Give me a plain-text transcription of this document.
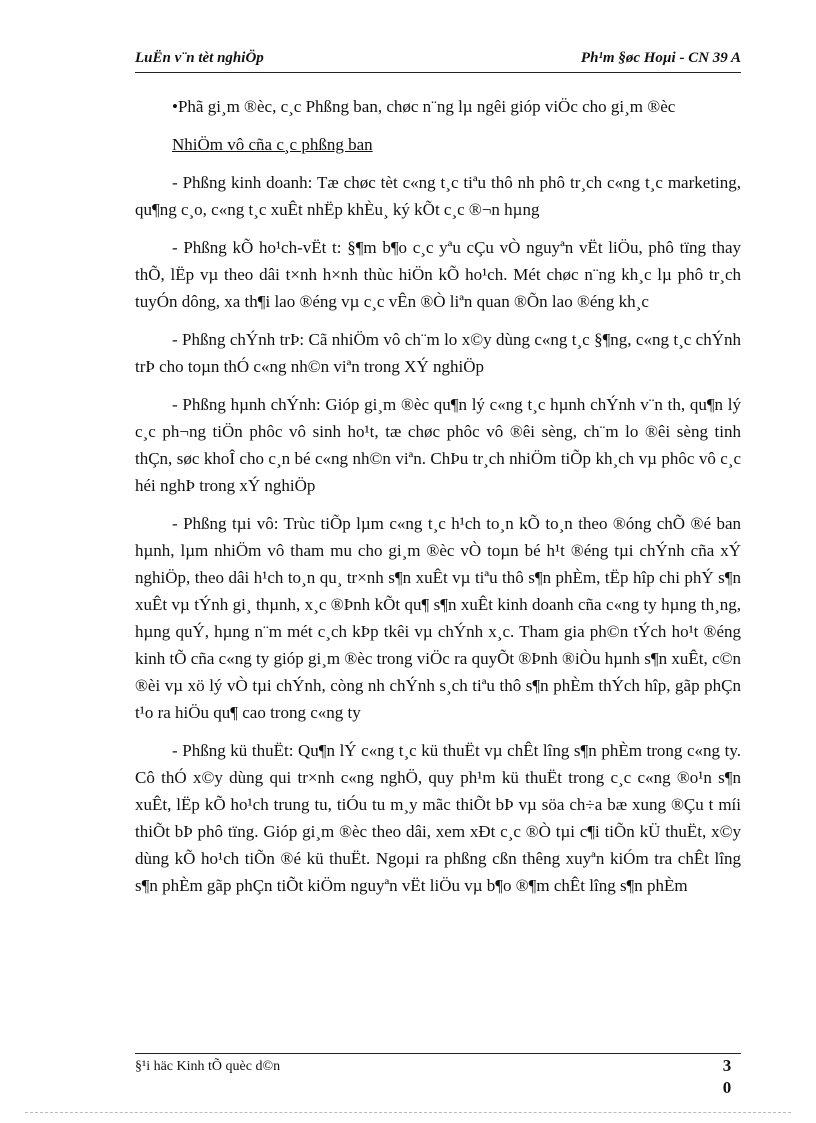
LuËn v¨n tèt nghiÖp	Ph¹m §øc Hoµi - CN 39 A

•Phã gi¸m ®èc, c¸c Phßng ban, chøc n¨ng lµ ngêi gióp viÖc cho gi¸m ®èc

NhiÖm vô cña c¸c phßng ban

- Phßng kinh doanh: Tæ chøc tèt c«ng t¸c tiªu thô nh phô tr¸ch c«ng t¸c marketing, qu¶ng c¸o, c«ng t¸c xuÊt nhËp khÈu¸ ký kÕt c¸c ®¬n hµng

- Phßng kÕ ho¹ch-vËt t: §¶m b¶o c¸c yªu cÇu vÒ nguyªn vËt liÖu, phô tïng thay thÕ, lËp vµ theo dâi t×nh h×nh thùc hiÖn kÕ ho¹ch. Mét chøc n¨ng kh¸c lµ phô tr¸ch tuyÓn dông, xa th¶i lao ®éng vµ c¸c vÊn ®Ò liªn quan ®Õn lao ®éng kh¸c

- Phßng chÝnh trÞ: Cã nhiÖm vô ch¨m lo x©y dùng c«ng t¸c §¶ng, c«ng t¸c chÝnh trÞ cho toµn thÓ c«ng nh©n viªn trong XÝ nghiÖp

- Phßng hµnh chÝnh: Gióp gi¸m ®èc qu¶n lý c«ng t¸c hµnh chÝnh v¨n th, qu¶n lý c¸c ph¬ng tiÖn phôc vô sinh ho¹t, tæ chøc phôc vô ®êi sèng, ch¨m lo ®êi sèng tinh thÇn, søc khoÎ cho c¸n bé c«ng nh©n viªn. ChÞu tr¸ch nhiÖm tiÕp kh¸ch vµ phôc vô c¸c héi nghÞ trong xÝ nghiÖp

- Phßng tµi vô: Trùc tiÕp lµm c«ng t¸c h¹ch to¸n kÕ to¸n theo ®óng chÕ ®é ban hµnh, lµm nhiÖm vô tham mu cho gi¸m ®èc vÒ toµn bé h¹t ®éng tµi chÝnh cña xÝ nghiÖp, theo dâi h¹ch to¸n qu¸ tr×nh s¶n xuÊt vµ tiªu thô s¶n phÈm, tËp hîp chi phÝ s¶n xuÊt vµ tÝnh gi¸ thµnh, x¸c ®Þnh kÕt qu¶ s¶n xuÊt kinh doanh cña c«ng ty hµng th¸ng, hµng quÝ, hµng n¨m mét c¸ch kÞp tkêi vµ chÝnh x¸c. Tham gia ph©n tÝch ho¹t ®éng kinh tÕ cña c«ng ty gióp gi¸m ®èc trong viÖc ra quyÕt ®Þnh ®iÒu hµnh s¶n xuÊt, c©n ®èi vµ xö lý vÒ tµi chÝnh, còng nh chÝnh s¸ch tiªu thô s¶n phÈm thÝch hîp, gãp phÇn t¹o ra hiÖu qu¶ cao trong c«ng ty

- Phßng kü thuËt: Qu¶n lÝ c«ng t¸c kü thuËt vµ chÊt lîng s¶n phÈm trong c«ng ty. Cô thÓ x©y dùng qui tr×nh c«ng nghÖ, quy ph¹m kü thuËt trong c¸c c«ng ®o¹n s¶n xuÊt, lËp kÕ ho¹ch trung tu, tiÓu tu m¸y mãc thiÕt bÞ vµ söa ch÷a bæ xung ®Çu t míi thiÕt bÞ phô tïng. Gióp gi¸m ®èc theo dâi, xem xÐt c¸c ®Ò tµi c¶i tiÕn kÜ thuËt, x©y dùng kÕ ho¹ch tiÕn ®é kü thuËt. Ngoµi ra phßng cßn thêng xuyªn kiÓm tra chÊt lîng s¶n phÈm gãp phÇn tiÕt kiÖm nguyªn vËt liÖu vµ b¶o ®¶m chÊt lîng s¶n phÈm

§¹i häc Kinh tÕ quèc d©n	3
0
